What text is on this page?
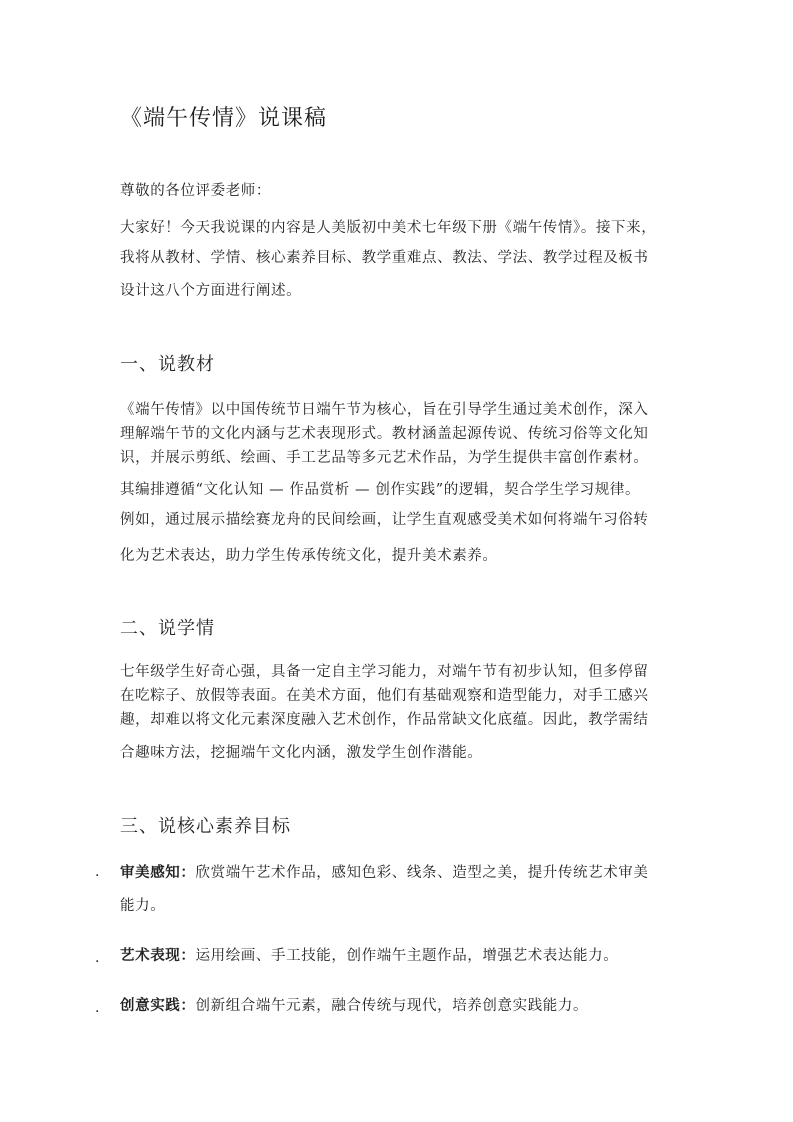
《端午传情》说课稿
尊敬的各位评委老师：
大家好！今天我说课的内容是人美版初中美术七年级下册《端午传情》。接下来，
我将从教材、学情、核心素养目标、教学重难点、教法、学法、教学过程及板书
设计这八个方面进行阐述。
一、说教材
《端午传情》以中国传统节日端午节为核心，旨在引导学生通过美术创作，深入
理解端午节的文化内涵与艺术表现形式。教材涵盖起源传说、传统习俗等文化知
识，并展示剪纸、绘画、手工艺品等多元艺术作品，为学生提供丰富创作素材。
其编排遵循“文化认知 — 作品赏析 — 创作实践”的逻辑，契合学生学习规律。
例如，通过展示描绘赛龙舟的民间绘画，让学生直观感受美术如何将端午习俗转
化为艺术表达，助力学生传承传统文化，提升美术素养。
二、说学情
七年级学生好奇心强，具备一定自主学习能力，对端午节有初步认知，但多停留
在吃粽子、放假等表面。在美术方面，他们有基础观察和造型能力，对手工感兴
趣，却难以将文化元素深度融入艺术创作，作品常缺文化底蕴。因此，教学需结
合趣味方法，挖掘端午文化内涵，激发学生创作潜能。
三、说核心素养目标
. 审美感知：欣赏端午艺术作品，感知色彩、线条、造型之美，提升传统艺术审美
能力。
. 艺术表现：运用绘画、手工技能，创作端午主题作品，增强艺术表达能力。
. 创意实践：创新组合端午元素，融合传统与现代，培养创意实践能力。
